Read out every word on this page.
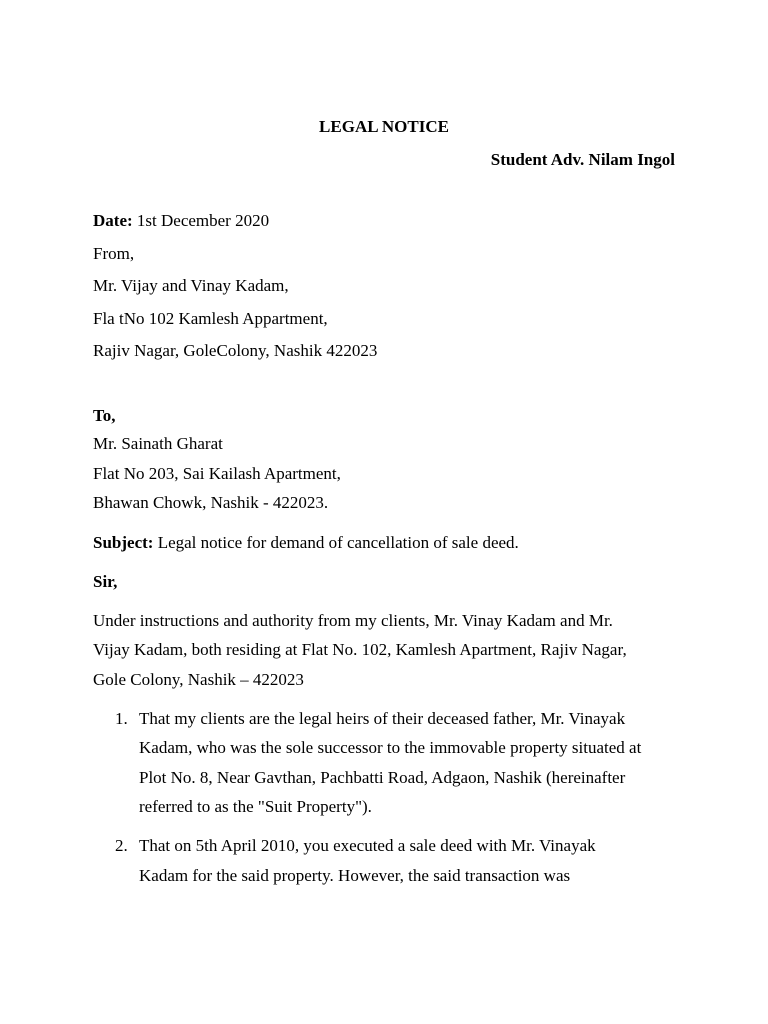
LEGAL NOTICE
Student Adv. Nilam Ingol
Date: 1st December 2020
From,
Mr. Vijay and Vinay Kadam,
Fla tNo 102 Kamlesh Appartment,
Rajiv Nagar, GoleColony, Nashik 422023
To,
Mr. Sainath Gharat
Flat No 203, Sai Kailash Apartment,
Bhawan Chowk, Nashik - 422023.
Subject: Legal notice for demand of cancellation of sale deed.
Sir,
Under instructions and authority from my clients, Mr. Vinay Kadam and Mr.
Vijay Kadam, both residing at Flat No. 102, Kamlesh Apartment, Rajiv Nagar,
Gole Colony, Nashik – 422023
1. That my clients are the legal heirs of their deceased father, Mr. Vinayak
Kadam, who was the sole successor to the immovable property situated at
Plot No. 8, Near Gavthan, Pachbatti Road, Adgaon, Nashik (hereinafter
referred to as the "Suit Property").
2. That on 5th April 2010, you executed a sale deed with Mr. Vinayak
Kadam for the said property. However, the said transaction was
